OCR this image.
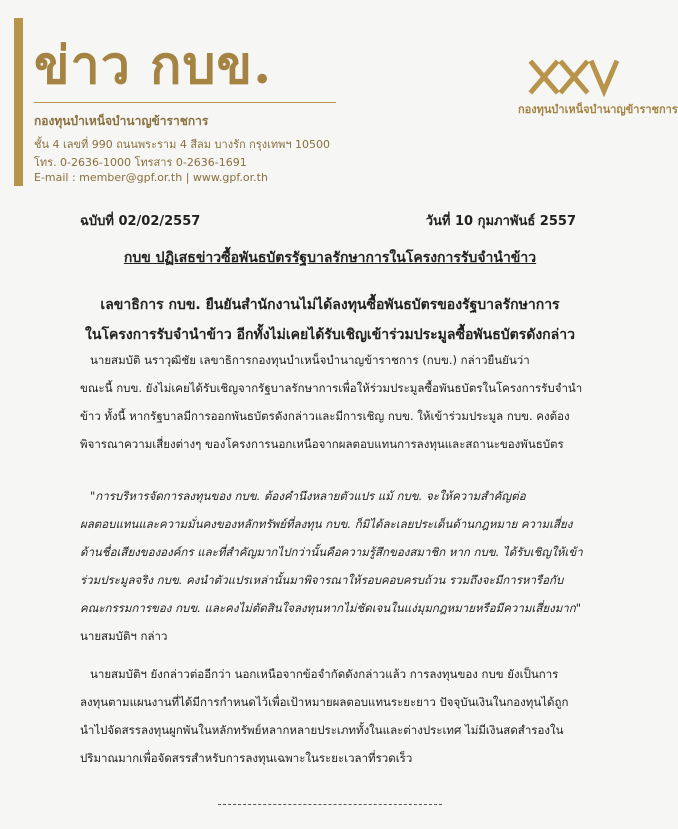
ข่าว กบข.
กองทุนบำเหน็จบำนาญข้าราชการ
ชั้น 4 เลขที่ 990 ถนนพระราม 4 สีลม บางรัก กรุงเทพฯ 10500
โทร. 0-2636-1000 โทรสาร 0-2636-1691
E-mail : member@gpf.or.th | www.gpf.or.th
กองทุนบำเหน็จบำนาญข้าราชการ
ฉบับที่ 02/02/2557	วันที่ 10 กุมภาพันธ์ 2557
กบข ปฏิเสธข่าวซื้อพันธบัตรรัฐบาลรักษาการในโครงการรับจำนำข้าว
เลขาธิการ กบข. ยืนยันสำนักงานไม่ได้ลงทุนซื้อพันธบัตรของรัฐบาลรักษาการ
ในโครงการรับจำนำข้าว อีกทั้งไม่เคยได้รับเชิญเข้าร่วมประมูลซื้อพันธบัตรดังกล่าว
นายสมบัติ นราวุฒิชัย เลขาธิการกองทุนบำเหน็จบำนาญข้าราชการ (กบข.) กล่าวยืนยันว่า
ขณะนี้ กบข. ยังไม่เคยได้รับเชิญจากรัฐบาลรักษาการเพื่อให้ร่วมประมูลซื้อพันธบัตรในโครงการรับจำนำ
ข้าว ทั้งนี้ หากรัฐบาลมีการออกพันธบัตรดังกล่าวและมีการเชิญ กบข. ให้เข้าร่วมประมูล กบข. คงต้อง
พิจารณาความเสี่ยงต่างๆ ของโครงการนอกเหนือจากผลตอบแทนการลงทุนและสถานะของพันธบัตร
"การบริหารจัดการลงทุนของ กบข. ต้องคำนึงหลายตัวแปร แม้ กบข. จะให้ความสำคัญต่อ
ผลตอบแทนและความมั่นคงของหลักทรัพย์ที่ลงทุน กบข. ก็มิได้ละเลยประเด็นด้านกฎหมาย ความเสี่ยง
ด้านชื่อเสียงขององค์กร และที่สำคัญมากไปกว่านั้นคือความรู้สึกของสมาชิก หาก กบข. ได้รับเชิญให้เข้า
ร่วมประมูลจริง กบข. คงนำตัวแปรเหล่านั้นมาพิจารณาให้รอบคอบครบถ้วน รวมถึงจะมีการหารือกับ
คณะกรรมการของ กบข. และคงไม่ตัดสินใจลงทุนหากไม่ชัดเจนในแง่มุมกฎหมายหรือมีความเสี่ยงมาก"
นายสมบัติฯ กล่าว
นายสมบัติฯ ยังกล่าวต่ออีกว่า นอกเหนือจากข้อจำกัดดังกล่าวแล้ว การลงทุนของ กบข ยังเป็นการ
ลงทุนตามแผนงานที่ได้มีการกำหนดไว้เพื่อเป้าหมายผลตอบแทนระยะยาว ปัจจุบันเงินในกองทุนได้ถูก
นำไปจัดสรรลงทุนผูกพันในหลักทรัพย์หลากหลายประเภททั้งในและต่างประเทศ ไม่มีเงินสดสำรองใน
ปริมาณมากเพื่อจัดสรรสำหรับการลงทุนเฉพาะในระยะเวลาที่รวดเร็ว
